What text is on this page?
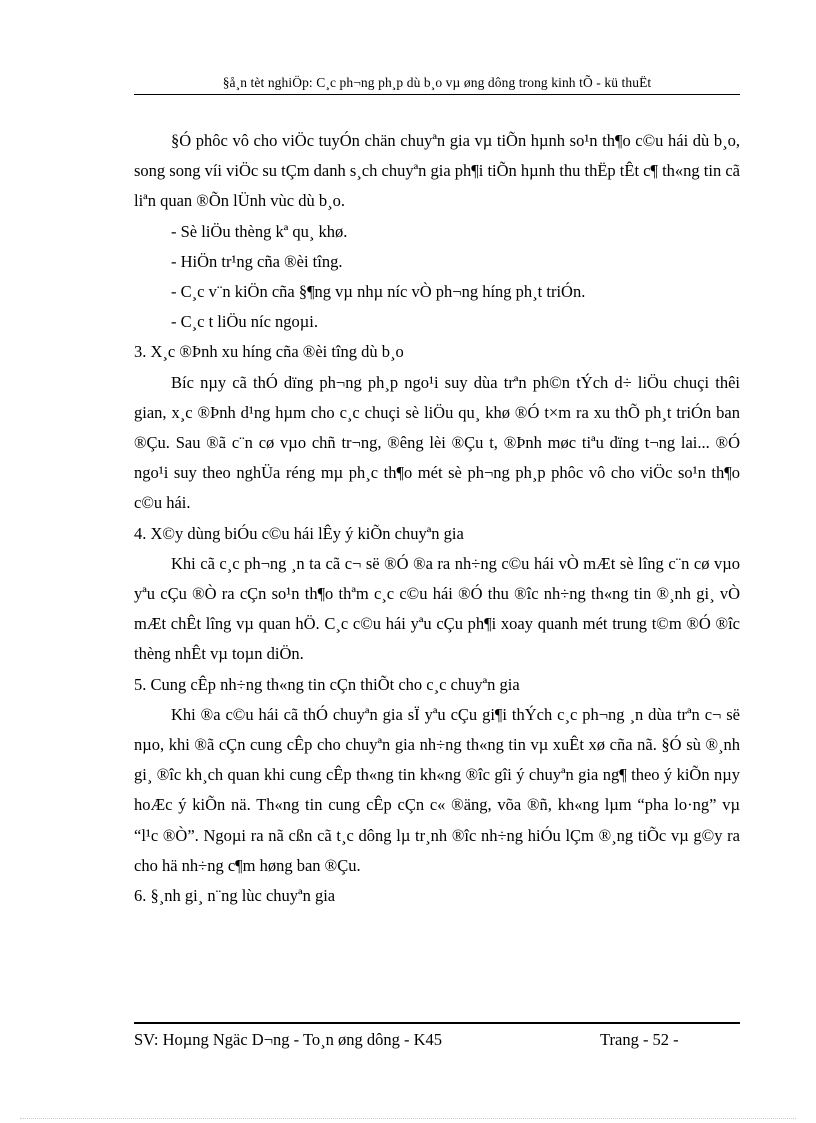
§å¸n tèt nghiÖp: C¸c ph¬ng ph¸p dù b¸o vµ øng dông trong kinh tÕ - kü thuËt

§Ó phôc vô cho viÖc tuyÓn chän chuyªn gia vµ tiÕn hµnh so¹n th¶o c©u hái dù b¸o, song song víi viÖc su tÇm danh s¸ch chuyªn gia ph¶i tiÕn hµnh thu thËp tÊt c¶ th«ng tin cã liªn quan ®Õn lÜnh vùc dù b¸o.

- Sè liÖu thèng kª qu¸ khø.

- HiÖn tr¹ng cña ®èi tîng.

- C¸c v¨n kiÖn cña §¶ng vµ nhµ níc vÒ ph¬ng híng ph¸t triÓn.

- C¸c t liÖu níc ngoµi.

3. X¸c ®Þnh xu híng cña ®èi tîng dù b¸o

Bíc nµy cã thÓ dïng ph¬ng ph¸p ngo¹i suy dùa trªn ph©n tÝch d÷ liÖu chuçi thêi gian, x¸c ®Þnh d¹ng hµm cho c¸c chuçi sè liÖu qu¸ khø ®Ó t×m ra xu thÕ ph¸t triÓn ban ®Çu. Sau ®ã c¨n cø vµo chñ tr¬ng, ®êng lèi ®Çu t, ®Þnh møc tiªu dïng t¬ng lai... ®Ó ngo¹i suy theo nghÜa réng mµ ph¸c th¶o mét sè ph¬ng ph¸p phôc vô cho viÖc so¹n th¶o c©u hái.

4. X©y dùng biÓu c©u hái lÊy ý kiÕn chuyªn gia

Khi cã c¸c ph¬ng ¸n ta cã c¬ së ®Ó ®a ra nh÷ng c©u hái vÒ mÆt sè lîng c¨n cø vµo yªu cÇu ®Ò ra cÇn so¹n th¶o thªm c¸c c©u hái ®Ó thu ®îc nh÷ng th«ng tin ®¸nh gi¸ vÒ mÆt chÊt lîng vµ quan hÖ. C¸c c©u hái yªu cÇu ph¶i xoay quanh mét trung t©m ®Ó ®îc thèng nhÊt vµ toµn diÖn.

5. Cung cÊp nh÷ng th«ng tin cÇn thiÕt cho c¸c chuyªn gia

Khi ®a c©u hái cã thÓ chuyªn gia sÏ yªu cÇu gi¶i thÝch c¸c ph¬ng ¸n dùa trªn c¬ së nµo, khi ®ã cÇn cung cÊp cho chuyªn gia nh÷ng th«ng tin vµ xuÊt xø cña nã. §Ó sù ®¸nh gi¸ ®îc kh¸ch quan khi cung cÊp th«ng tin kh«ng ®îc gîi ý chuyªn gia ng¶ theo ý kiÕn nµy hoÆc ý kiÕn nä. Th«ng tin cung cÊp cÇn c« ®äng, võa ®ñ, kh«ng lµm “pha lo·ng” vµ “l¹c ®Ò”. Ngoµi ra nã cßn cã t¸c dông lµ tr¸nh ®îc nh÷ng hiÓu lÇm ®¸ng tiÕc vµ g©y ra cho hä nh÷ng c¶m høng ban ®Çu.

6. §¸nh gi¸ n¨ng lùc chuyªn gia

SV: Hoµng Ngäc D¬ng - To¸n øng dông - K45	Trang - 52 -
